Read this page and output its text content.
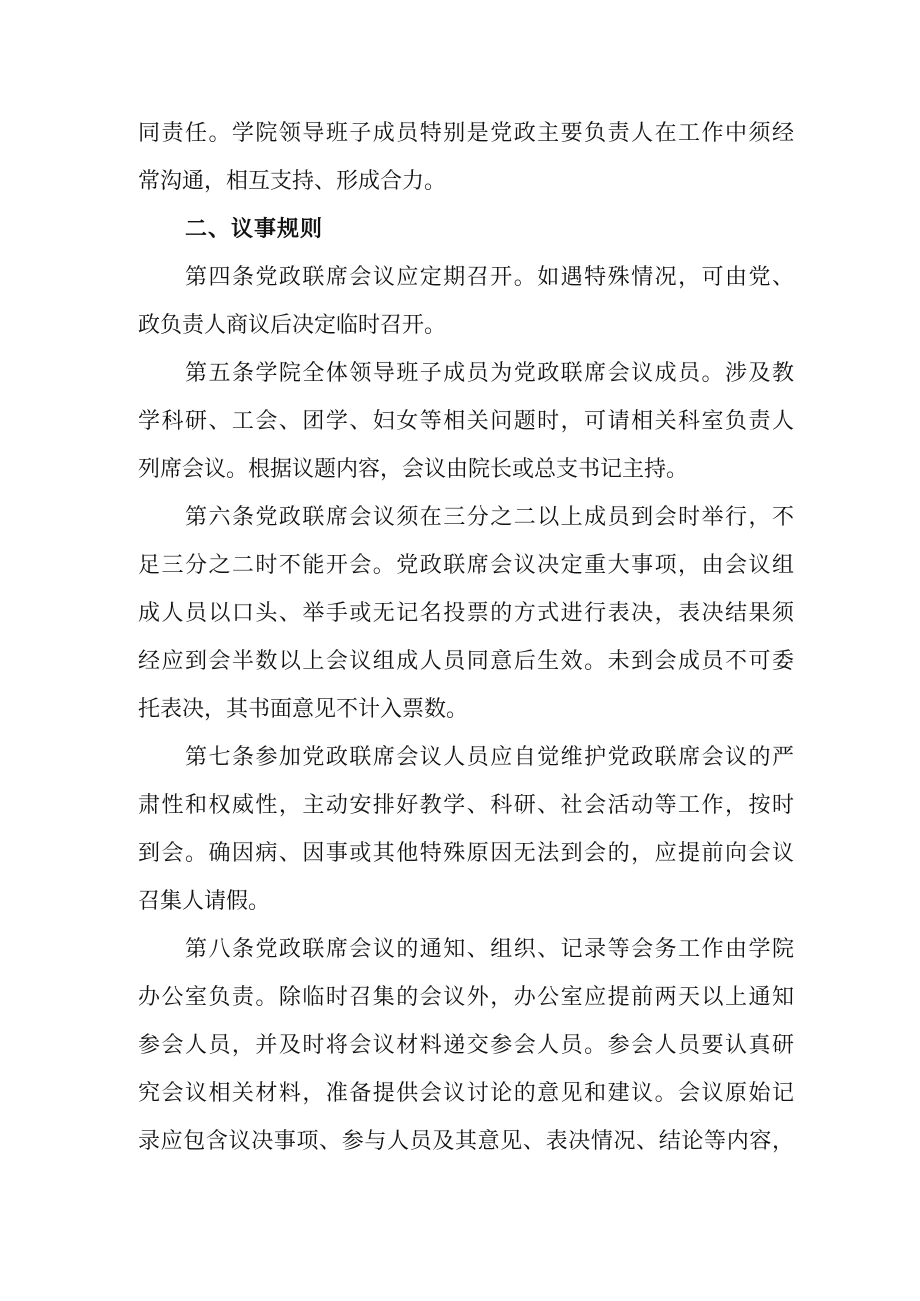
同责任。学院领导班子成员特别是党政主要负责人在工作中须经
常沟通，相互支持、形成合力。
二、议事规则
第四条党政联席会议应定期召开。如遇特殊情况，可由党、
政负责人商议后决定临时召开。
第五条学院全体领导班子成员为党政联席会议成员。涉及教
学科研、工会、团学、妇女等相关问题时，可请相关科室负责人
列席会议。根据议题内容，会议由院长或总支书记主持。
第六条党政联席会议须在三分之二以上成员到会时举行，不
足三分之二时不能开会。党政联席会议决定重大事项，由会议组
成人员以口头、举手或无记名投票的方式进行表决，表决结果须
经应到会半数以上会议组成人员同意后生效。未到会成员不可委
托表决，其书面意见不计入票数。
第七条参加党政联席会议人员应自觉维护党政联席会议的严
肃性和权威性，主动安排好教学、科研、社会活动等工作，按时
到会。确因病、因事或其他特殊原因无法到会的，应提前向会议
召集人请假。
第八条党政联席会议的通知、组织、记录等会务工作由学院
办公室负责。除临时召集的会议外，办公室应提前两天以上通知
参会人员，并及时将会议材料递交参会人员。参会人员要认真研
究会议相关材料，准备提供会议讨论的意见和建议。会议原始记
录应包含议决事项、参与人员及其意见、表决情况、结论等内容，
